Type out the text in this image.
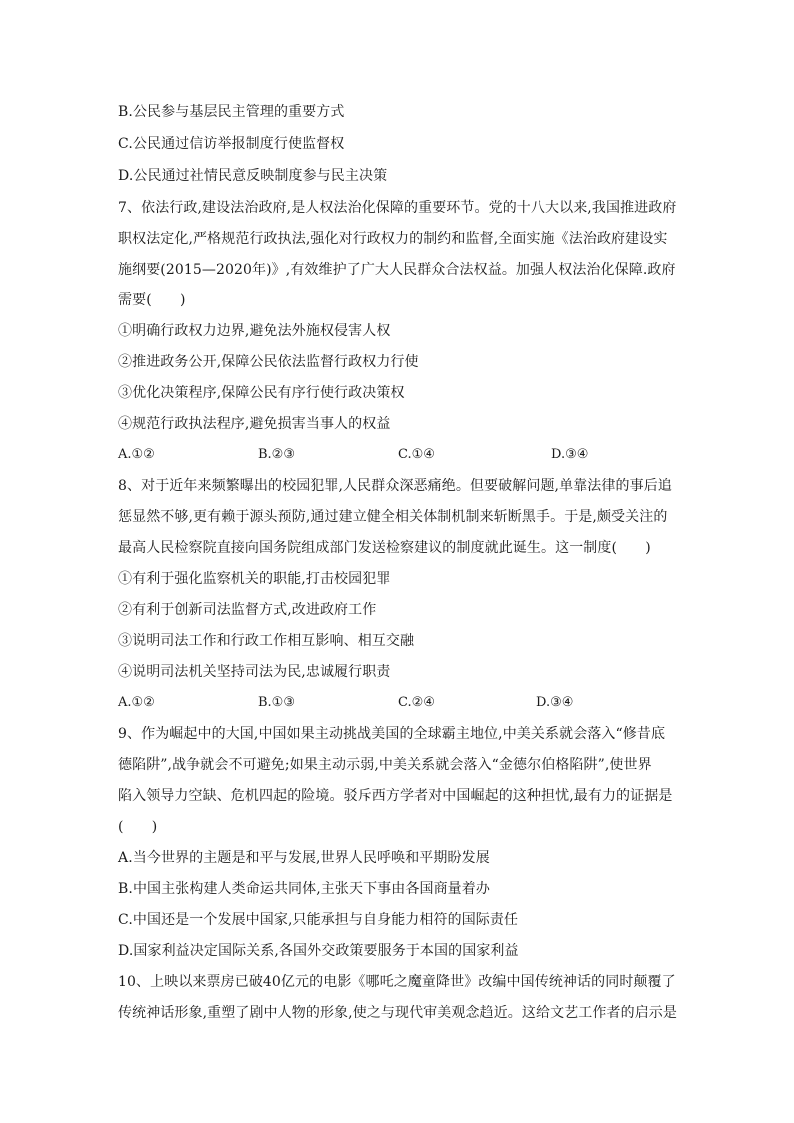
B.公民参与基层民主管理的重要方式
C.公民通过信访举报制度行使监督权
D.公民通过社情民意反映制度参与民主决策
7、依法行政,建设法治政府,是人权法治化保障的重要环节。党的十八大以来,我国推进政府
职权法定化,严格规范行政执法,强化对行政权力的制约和监督,全面实施《法治政府建设实
施纲要(2015—2020年)》,有效维护了广大人民群众合法权益。加强人权法治化保障.政府
需要(　　)
①明确行政权力边界,避免法外施权侵害人权
②推进政务公开,保障公民依法监督行政权力行使
③优化决策程序,保障公民有序行使行政决策权
④规范行政执法程序,避免损害当事人的权益
A.①②	B.②③	C.①④	D.③④
8、对于近年来频繁曝出的校园犯罪,人民群众深恶痛绝。但要破解问题,单靠法律的事后追
惩显然不够,更有赖于源头预防,通过建立健全相关体制机制来斩断黑手。于是,颇受关注的
最高人民检察院直接向国务院组成部门发送检察建议的制度就此诞生。这一制度(　　)
①有利于强化监察机关的职能,打击校园犯罪
②有利于创新司法监督方式,改进政府工作
③说明司法工作和行政工作相互影响、相互交融
④说明司法机关坚持司法为民,忠诚履行职责
A.①②	B.①③	C.②④	D.③④
9、作为崛起中的大国,中国如果主动挑战美国的全球霸主地位,中美关系就会落入“修昔底
德陷阱”,战争就会不可避免;如果主动示弱,中美关系就会落入“金德尔伯格陷阱”,使世界
陷入领导力空缺、危机四起的险境。驳斥西方学者对中国崛起的这种担忧,最有力的证据是
(　　)
A.当今世界的主题是和平与发展,世界人民呼唤和平期盼发展
B.中国主张构建人类命运共同体,主张天下事由各国商量着办
C.中国还是一个发展中国家,只能承担与自身能力相符的国际责任
D.国家利益决定国际关系,各国外交政策要服务于本国的国家利益
10、上映以来票房已破40亿元的电影《哪吒之魔童降世》改编中国传统神话的同时颠覆了
传统神话形象,重塑了剧中人物的形象,使之与现代审美观念趋近。这给文艺工作者的启示是
